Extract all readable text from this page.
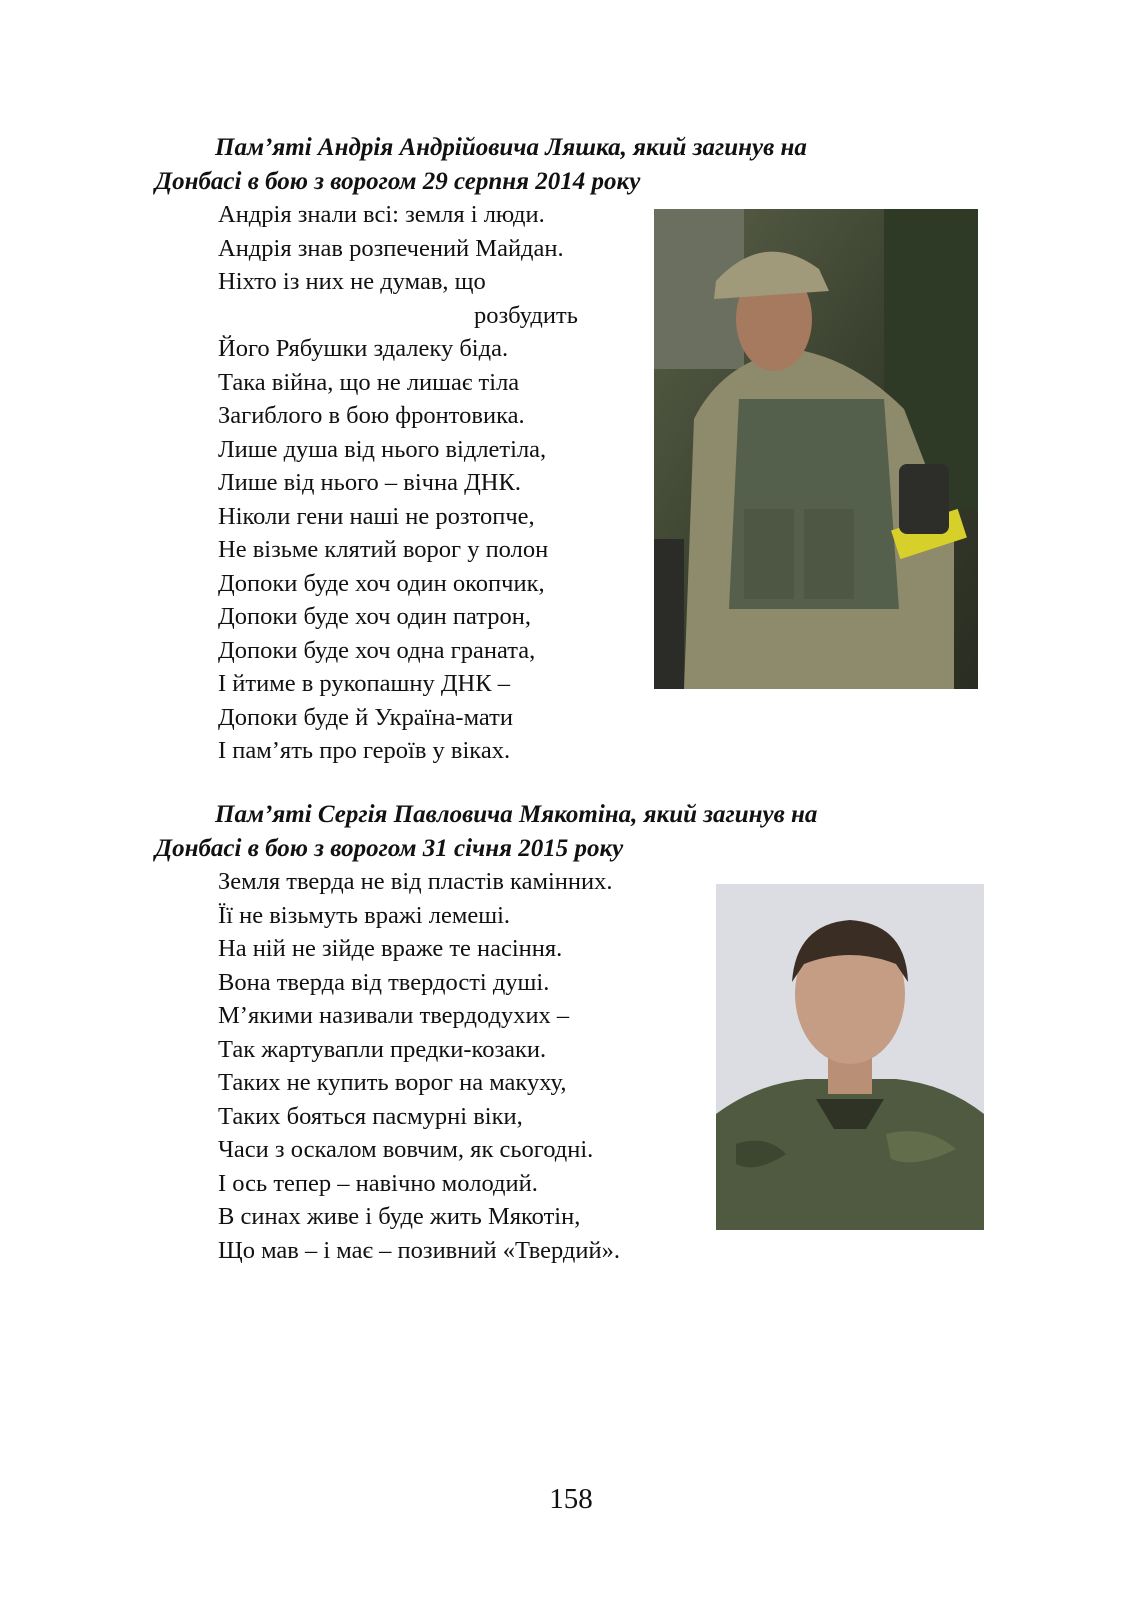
Пам’яті Андрія Андрійовича Ляшка, який загинув на
Донбасі в бою з ворогом 29 серпня 2014 року
Андрія знали всі: земля і люди.
Андрія знав розпечений Майдан.
Ніхто із них не думав, що
розбудить
Його Рябушки здалеку біда.
Така війна, що не лишає тіла
Загиблого в бою фронтовика.
Лише душа від нього відлетіла,
Лише від нього – вічна ДНК.
Ніколи гени наші не розтопче,
Не візьме клятий ворог у полон
Допоки буде хоч один окопчик,
Допоки буде хоч один патрон,
Допоки буде хоч одна граната,
І йтиме в рукопашну ДНК –
Допоки буде й Україна-мати
І пам’ять про героїв у віках.
Пам’яті Сергія Павловича Мякотіна, який загинув на
Донбасі в бою з ворогом 31 січня 2015 року
Земля тверда не від пластів камінних.
Її не візьмуть вражі лемеші.
На ній не зійде враже те насіння.
Вона тверда від твердості душі.
М’якими називали твердодухих –
Так жартувапли предки-козаки.
Таких не купить ворог на макуху,
Таких бояться пасмурні віки,
Часи з оскалом вовчим, як сьогодні.
І ось тепер – навічно молодий.
В синах живе і буде жить Мякотін,
Що мав – і має – позивний «Твердий».

158
